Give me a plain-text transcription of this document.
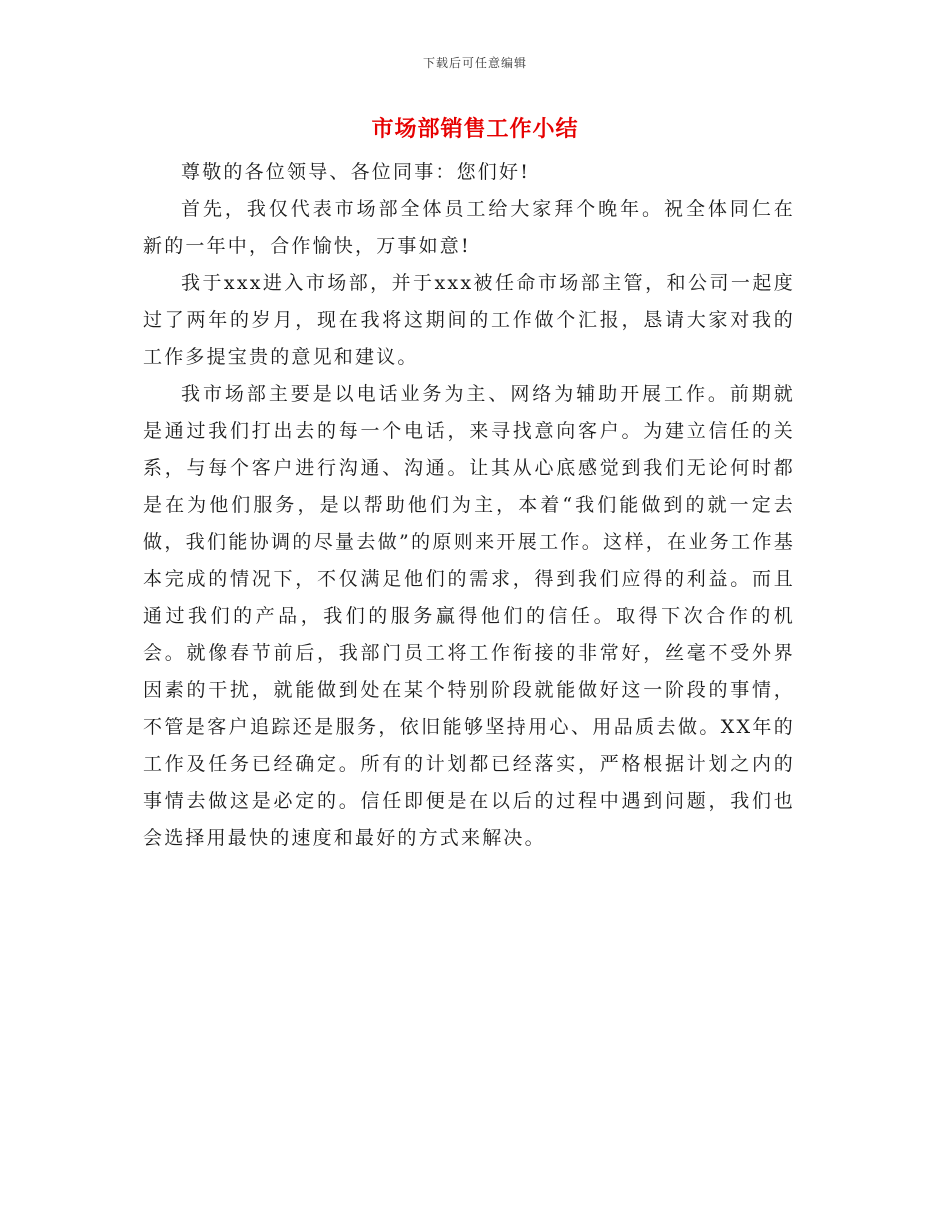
下载后可任意编辑
市场部销售工作小结

尊敬的各位领导、各位同事：您们好!

首先，我仅代表市场部全体员工给大家拜个晚年。祝全体同仁在新的一年中，合作愉快，万事如意!

我于xxx进入市场部，并于xxx被任命市场部主管，和公司一起度过了两年的岁月，现在我将这期间的工作做个汇报，恳请大家对我的工作多提宝贵的意见和建议。

我市场部主要是以电话业务为主、网络为辅助开展工作。前期就是通过我们打出去的每一个电话，来寻找意向客户。为建立信任的关系，与每个客户进行沟通、沟通。让其从心底感觉到我们无论何时都是在为他们服务，是以帮助他们为主，本着“我们能做到的就一定去做，我们能协调的尽量去做”的原则来开展工作。这样，在业务工作基本完成的情况下，不仅满足他们的需求，得到我们应得的利益。而且通过我们的产品，我们的服务赢得他们的信任。取得下次合作的机会。就像春节前后，我部门员工将工作衔接的非常好，丝毫不受外界因素的干扰，就能做到处在某个特别阶段就能做好这一阶段的事情，不管是客户追踪还是服务，依旧能够坚持用心、用品质去做。XX年的工作及任务已经确定。所有的计划都已经落实，严格根据计划之内的事情去做这是必定的。信任即便是在以后的过程中遇到问题，我们也会选择用最快的速度和最好的方式来解决。
